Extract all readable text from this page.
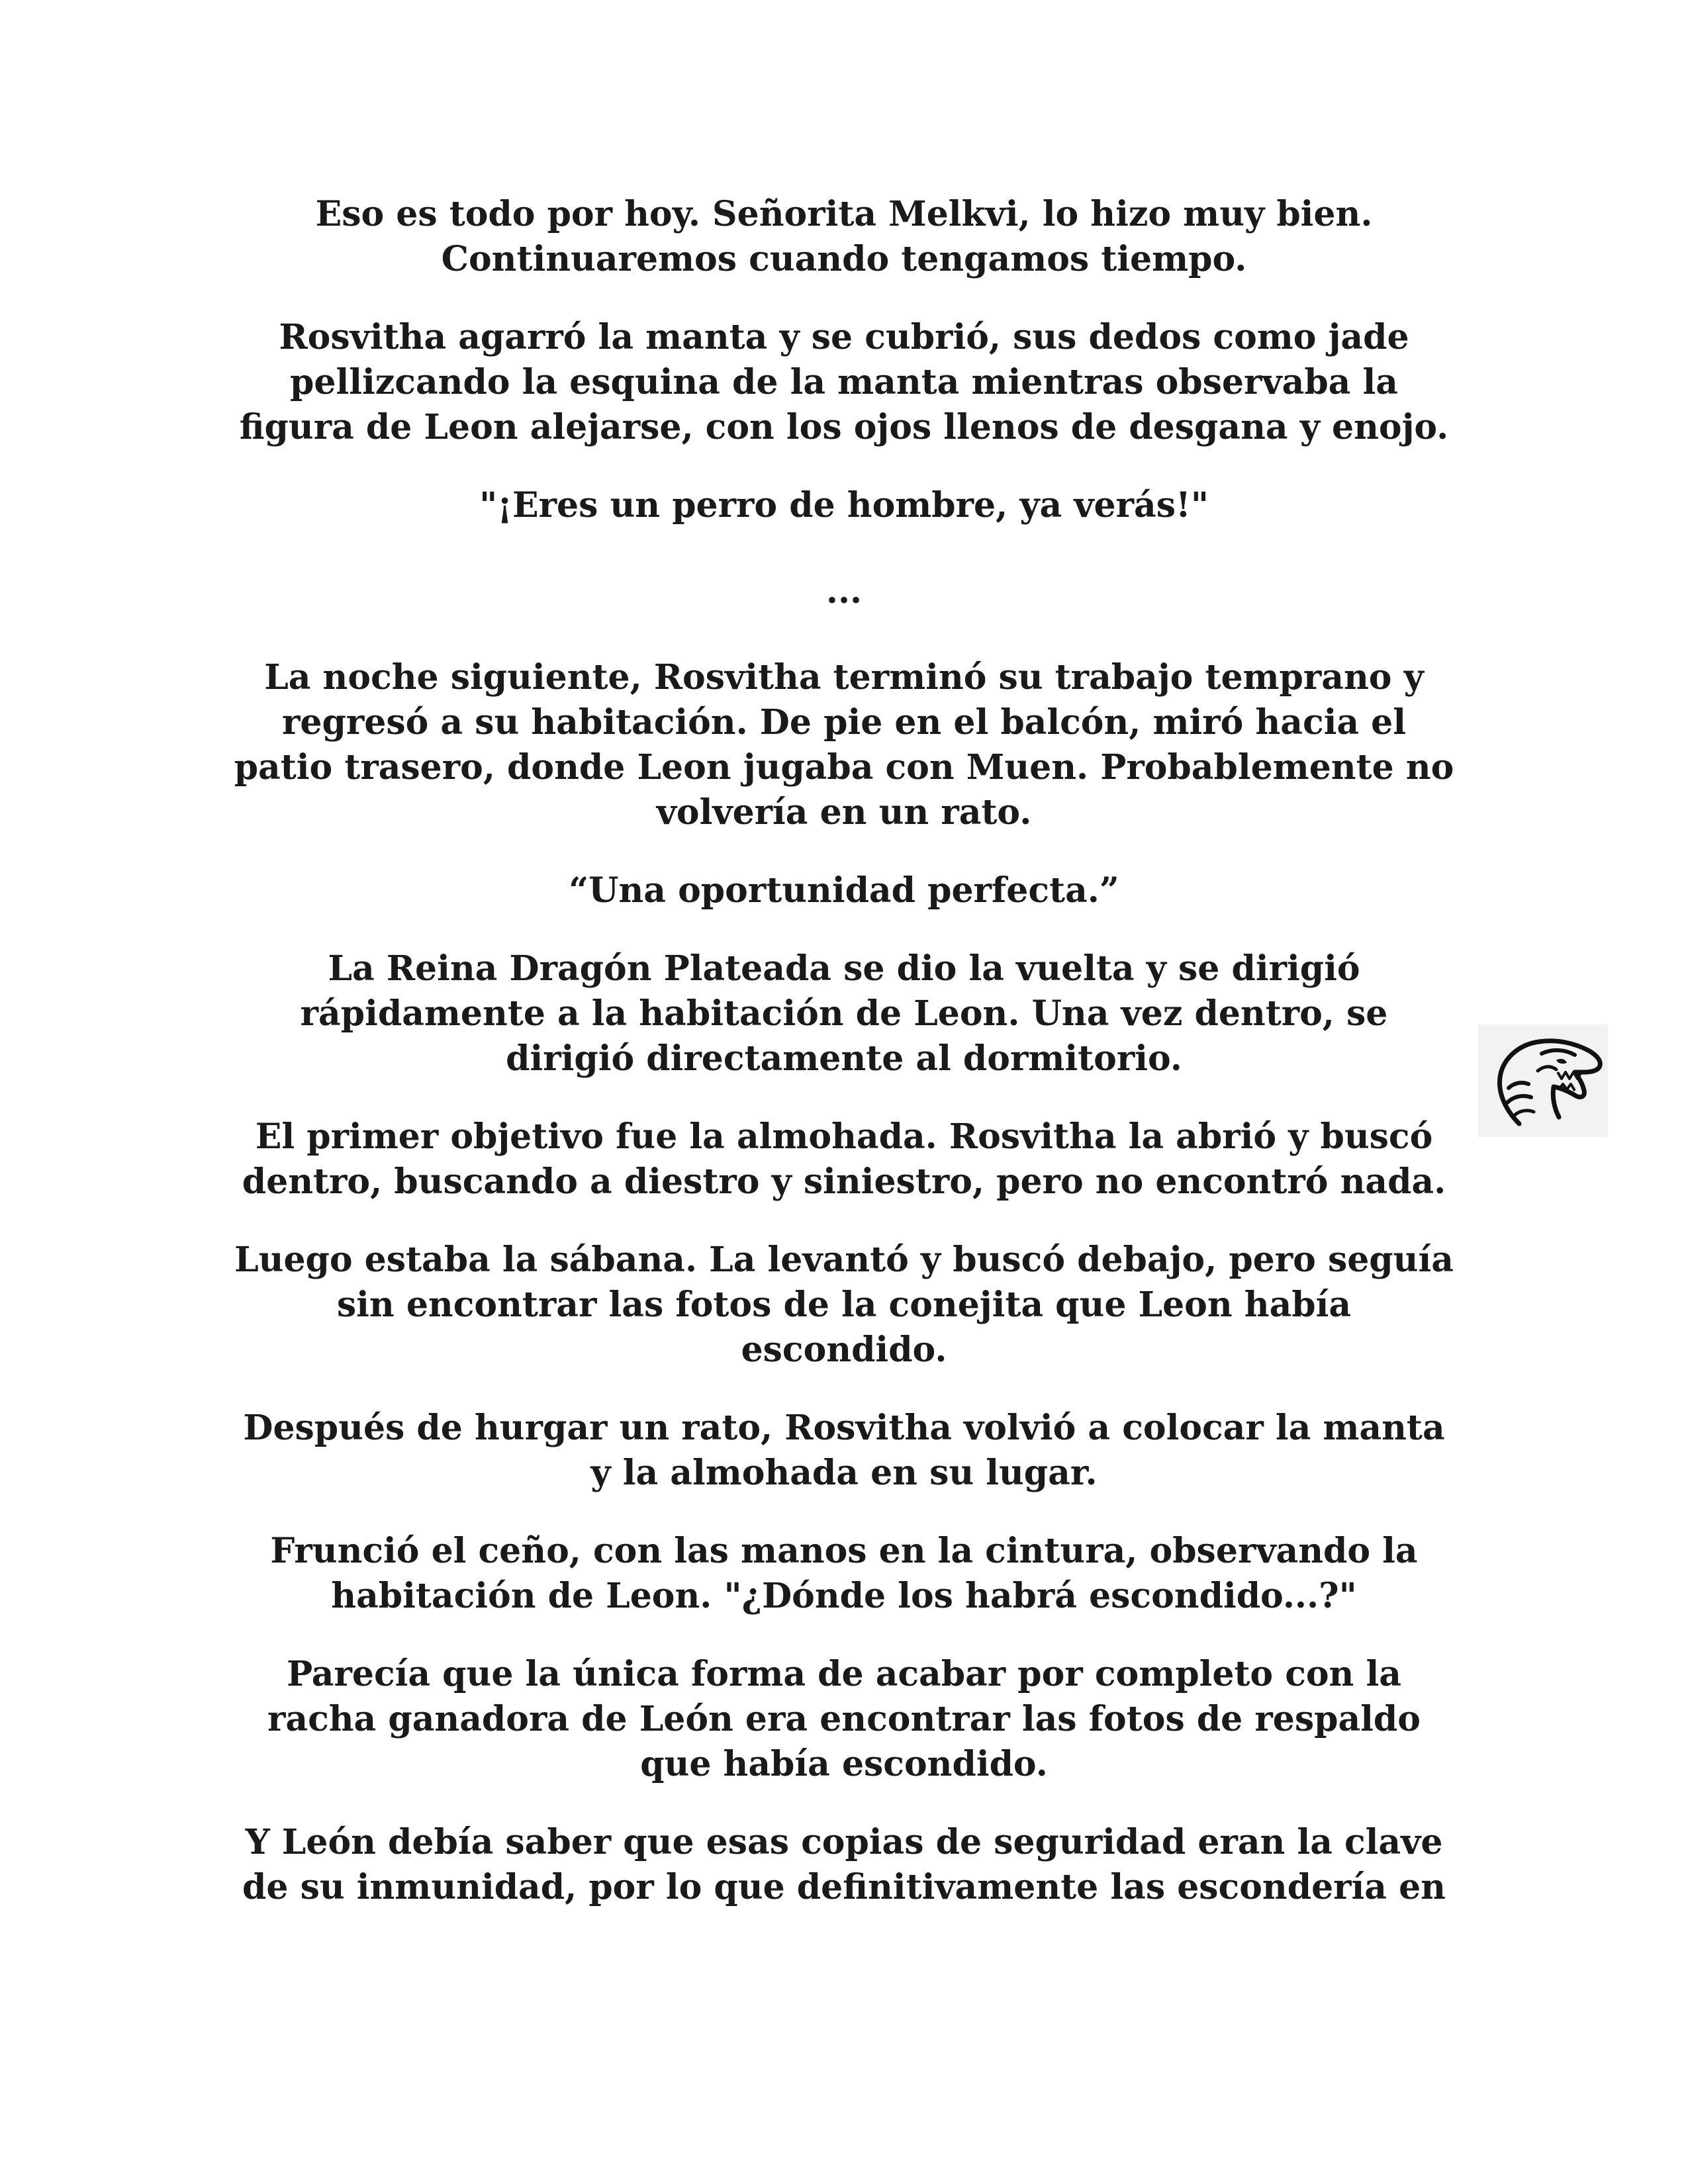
Eso es todo por hoy. Señorita Melkvi, lo hizo muy bien. Continuaremos cuando tengamos tiempo.

Rosvitha agarró la manta y se cubrió, sus dedos como jade pellizcando la esquina de la manta mientras observaba la figura de Leon alejarse, con los ojos llenos de desgana y enojo.

"¡Eres un perro de hombre, ya verás!"

...

La noche siguiente, Rosvitha terminó su trabajo temprano y regresó a su habitación. De pie en el balcón, miró hacia el patio trasero, donde Leon jugaba con Muen. Probablemente no volvería en un rato.

“Una oportunidad perfecta.”

La Reina Dragón Plateada se dio la vuelta y se dirigió rápidamente a la habitación de Leon. Una vez dentro, se dirigió directamente al dormitorio.

El primer objetivo fue la almohada. Rosvitha la abrió y buscó dentro, buscando a diestro y siniestro, pero no encontró nada.

Luego estaba la sábana. La levantó y buscó debajo, pero seguía sin encontrar las fotos de la conejita que Leon había escondido.

Después de hurgar un rato, Rosvitha volvió a colocar la manta y la almohada en su lugar.

Frunció el ceño, con las manos en la cintura, observando la habitación de Leon. "¿Dónde los habrá escondido...?"

Parecía que la única forma de acabar por completo con la racha ganadora de León era encontrar las fotos de respaldo que había escondido.

Y León debía saber que esas copias de seguridad eran la clave de su inmunidad, por lo que definitivamente las escondería en
